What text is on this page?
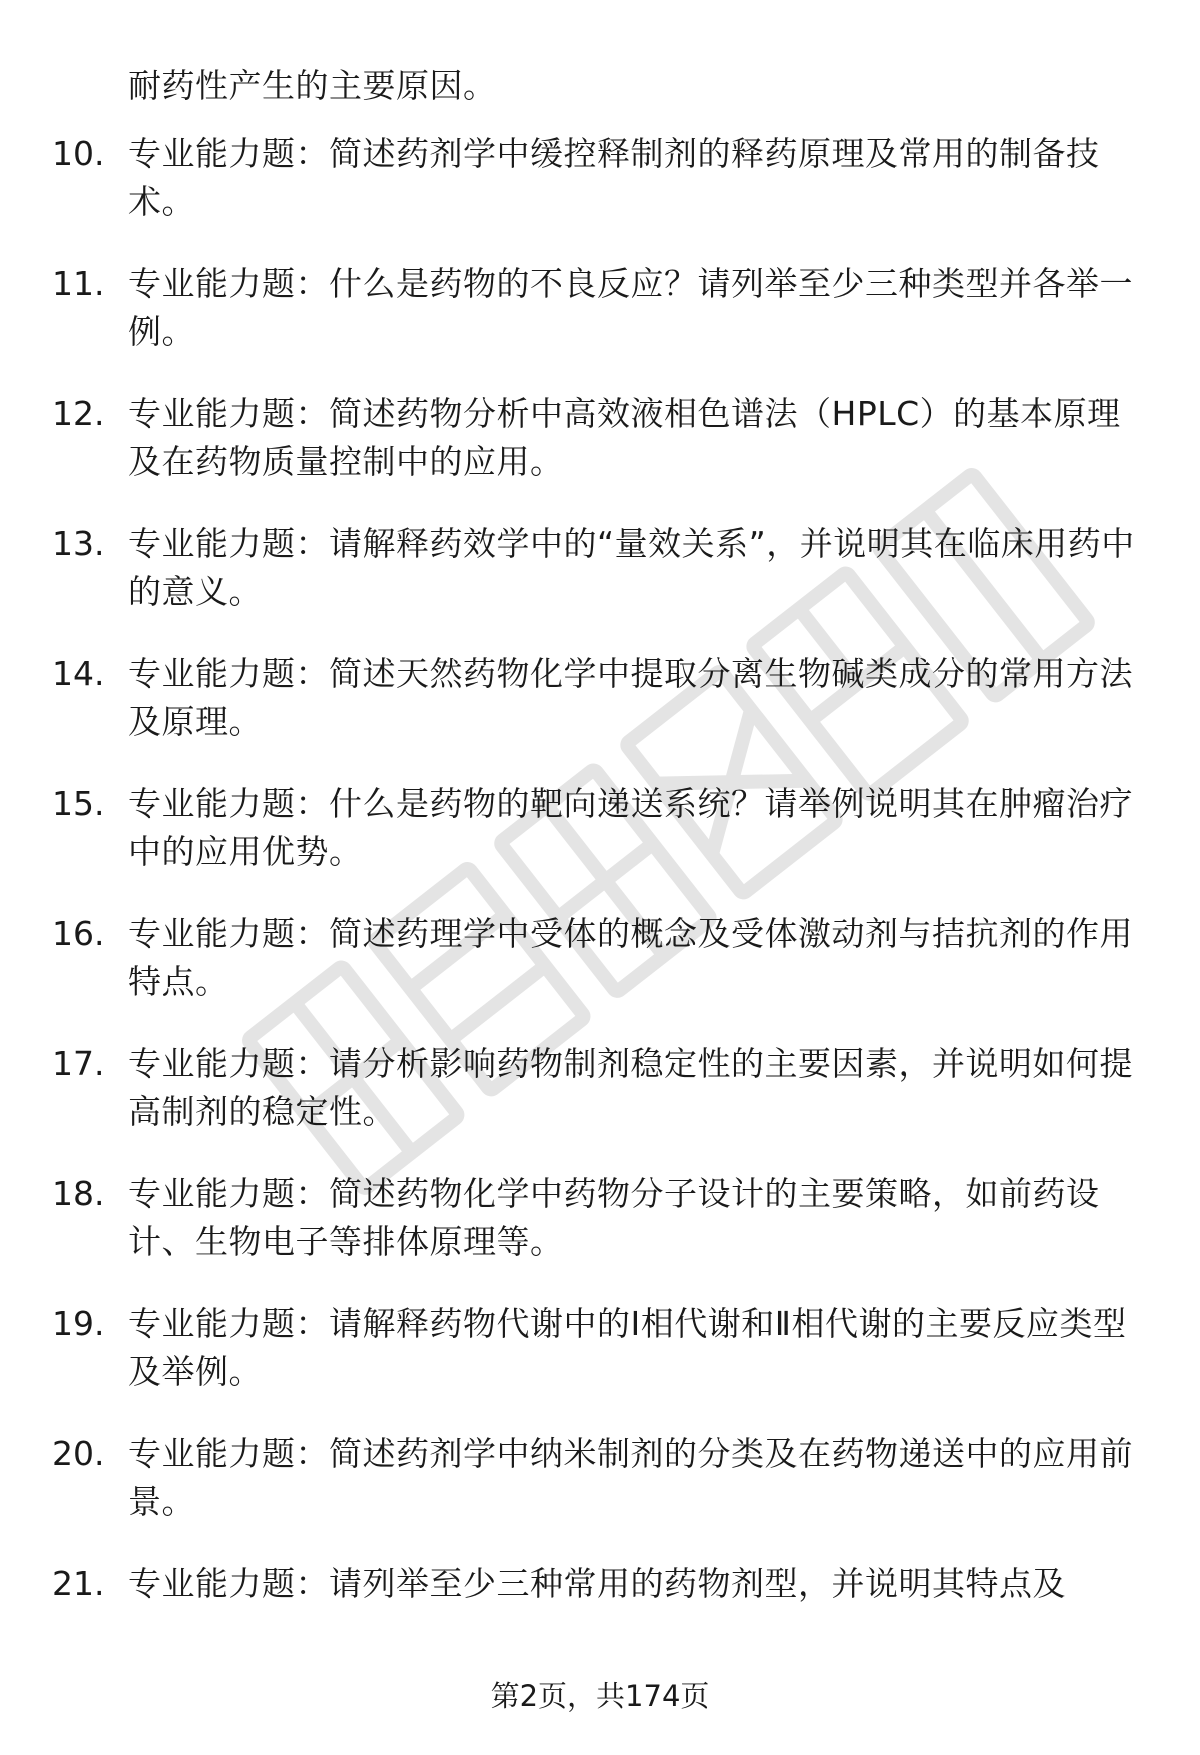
耐药性产生的主要原因。
10. 专业能力题：简述药剂学中缓控释制剂的释药原理及常用的制备技术。
11. 专业能力题：什么是药物的不良反应？请列举至少三种类型并各举一例。
12. 专业能力题：简述药物分析中高效液相色谱法（HPLC）的基本原理及在药物质量控制中的应用。
13. 专业能力题：请解释药效学中的“量效关系”，并说明其在临床用药中的意义。
14. 专业能力题：简述天然药物化学中提取分离生物碱类成分的常用方法及原理。
15. 专业能力题：什么是药物的靶向递送系统？请举例说明其在肿瘤治疗中的应用优势。
16. 专业能力题：简述药理学中受体的概念及受体激动剂与拮抗剂的作用特点。
17. 专业能力题：请分析影响药物制剂稳定性的主要因素，并说明如何提高制剂的稳定性。
18. 专业能力题：简述药物化学中药物分子设计的主要策略，如前药设计、生物电子等排体原理等。
19. 专业能力题：请解释药物代谢中的Ⅰ相代谢和Ⅱ相代谢的主要反应类型及举例。
20. 专业能力题：简述药剂学中纳米制剂的分类及在药物递送中的应用前景。
21. 专业能力题：请列举至少三种常用的药物剂型，并说明其特点及
第2页，共174页
